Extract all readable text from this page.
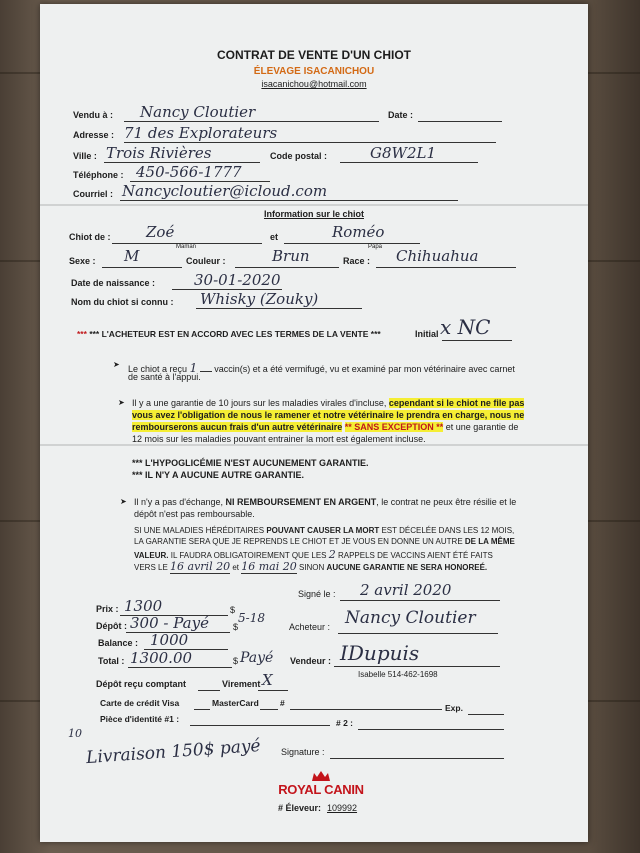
CONTRAT DE VENTE D'UN CHIOT
ÉLEVAGE ISACANICHOU
isacanichou@hotmail.com
Vendu à : Nancy Cloutier	Date :
Adresse : 71 des Explorateurs
Ville : Trois Rivières	Code postal :	G8W2L1
Téléphone : 450-566-1777
Courriel : Nancycloutier@icloud.com
Information sur le chiot
Chiot de : Zoé	et	Roméo
Maman	Papa
Sexe : M	Couleur :	Brun	Race : Chihuahua
Date de naissance :	30-01-2020
Nom du chiot si connu : Whisky (Zouky)
*** *** L'ACHETEUR EST EN ACCORD AVEC LES TERMES DE LA VENTE ***	Initial x NC
➤ Le chiot a reçu 1 vaccin(s) et a été vermifugé, vu et examiné par mon vétérinaire avec carnet
de santé à l'appui.
➤ Il y a une garantie de 10 jours sur les maladies virales d'incluse, cependant si le chiot ne file pas
vous avez l'obligation de nous le ramener et notre vétérinaire le prendra en charge, nous ne
rembourserons aucun frais d'un autre vétérinaire ** SANS EXCEPTION ** et une garantie de
12 mois sur les maladies pouvant entrainer la mort est également incluse.
*** L'HYPOGLICÉMIE N'EST AUCUNEMENT GARANTIE.
*** IL N'Y A AUCUNE AUTRE GARANTIE.
➤ Il n'y a pas d'échange, NI REMBOURSEMENT EN ARGENT, le contrat ne peux être résilie et le
dépôt n'est pas remboursable.
SI UNE MALADIES HÉRÉDITAIRES POUVANT CAUSER LA MORT EST DÉCELÉE DANS LES 12 MOIS,
LA GARANTIE SERA QUE JE REPRENDS LE CHIOT ET JE VOUS EN DONNE UN AUTRE DE LA MÊME
VALEUR. IL FAUDRA OBLIGATOIREMENT QUE LES 2 RAPPELS DE VACCINS AIENT ÉTÉ FAITS
VERS LE 16 avril 20 et 16 mai 20 SINON AUCUNE GARANTIE NE SERA HONOREÉ.
Signé le : 2 avril 2020
Prix : 1300	$
Dépôt : 300 - Payé	$
5-18
Acheteur : Nancy Cloutier
Balance : 1000
Total : 1300.00	$ Payé Vendeur : IDupuis
Isabelle 514-462-1698
Dépôt reçu comptant	Virement X
Carte de crédit Visa	MasterCard #	Exp.
Pièce d'identité #1 :	# 2 :
10
Livraison 150$ payé Signature :
ROYAL CANIN
# Éleveur: 109992
